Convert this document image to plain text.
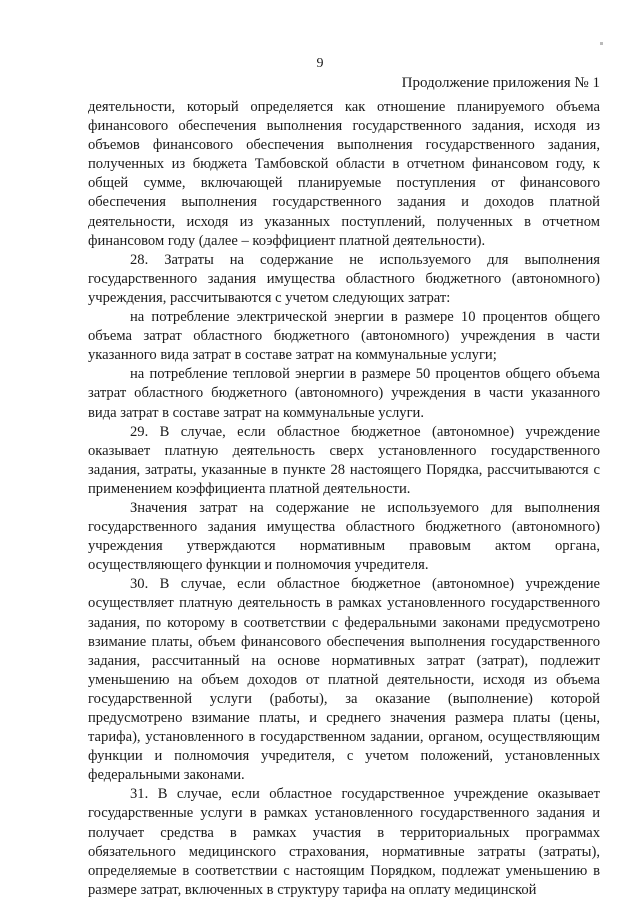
9
Продолжение приложения № 1

деятельности, который определяется как отношение планируемого объема финансового обеспечения выполнения государственного задания, исходя из объемов финансового обеспечения выполнения государственного задания, полученных из бюджета Тамбовской области в отчетном финансовом году, к общей сумме, включающей планируемые поступления от финансового обеспечения выполнения государственного задания и доходов платной деятельности, исходя из указанных поступлений, полученных в отчетном финансовом году (далее – коэффициент платной деятельности).

28. Затраты на содержание не используемого для выполнения государственного задания имущества областного бюджетного (автономного) учреждения, рассчитываются с учетом следующих затрат:

на потребление электрической энергии в размере 10 процентов общего объема затрат областного бюджетного (автономного) учреждения в части указанного вида затрат в составе затрат на коммунальные услуги;

на потребление тепловой энергии в размере 50 процентов общего объема затрат областного бюджетного (автономного) учреждения в части указанного вида затрат в составе затрат на коммунальные услуги.

29. В случае, если областное бюджетное (автономное) учреждение оказывает платную деятельность сверх установленного государственного задания, затраты, указанные в пункте 28 настоящего Порядка, рассчитываются с применением коэффициента платной деятельности.

Значения затрат на содержание не используемого для выполнения государственного задания имущества областного бюджетного (автономного) учреждения утверждаются нормативным правовым актом органа, осуществляющего функции и полномочия учредителя.

30. В случае, если областное бюджетное (автономное) учреждение осуществляет платную деятельность в рамках установленного государственного задания, по которому в соответствии с федеральными законами предусмотрено взимание платы, объем финансового обеспечения выполнения государственного задания, рассчитанный на основе нормативных затрат (затрат), подлежит уменьшению на объем доходов от платной деятельности, исходя из объема государственной услуги (работы), за оказание (выполнение) которой предусмотрено взимание платы, и среднего значения размера платы (цены, тарифа), установленного в государственном задании, органом, осуществляющим функции и полномочия учредителя, с учетом положений, установленных федеральными законами.

31. В случае, если областное государственное учреждение оказывает государственные услуги в рамках установленного государственного задания и получает средства в рамках участия в территориальных программах обязательного медицинского страхования, нормативные затраты (затраты), определяемые в соответствии с настоящим Порядком, подлежат уменьшению в размере затрат, включенных в структуру тарифа на оплату медицинской
